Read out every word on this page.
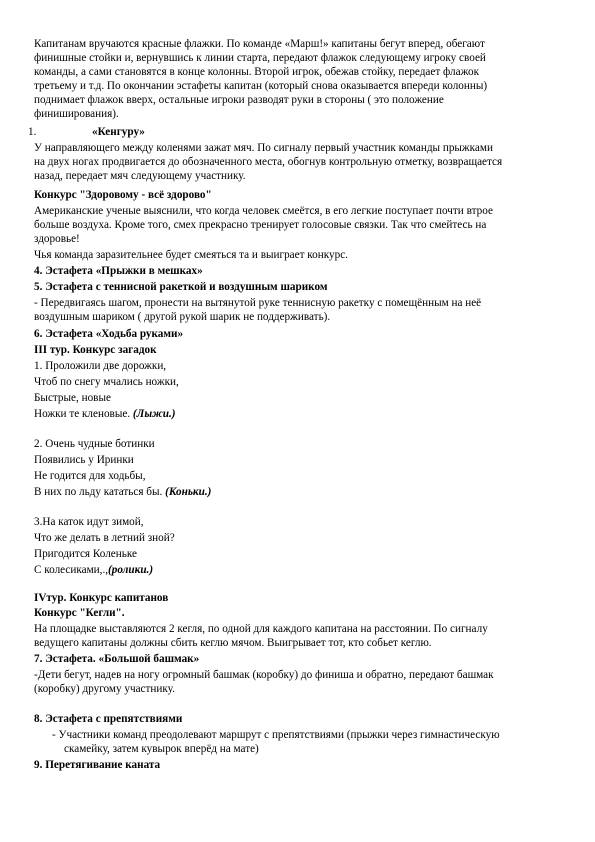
Капитанам вручаются красные флажки. По команде «Марш!» капитаны бегут вперед, обегают
финишные стойки и, вернувшись к линии старта, передают флажок следующему игроку своей
команды, а сами становятся в конце колонны. Второй игрок, обежав стойку, передает флажок
третьему и т.д. По окончании эстафеты капитан (который снова оказывается впереди колонны)
поднимает флажок вверх, остальные игроки разводят руки в стороны ( это положение
финиширования).
1.	«Кенгуру»
У направляющего между коленями зажат мяч. По сигналу первый участник команды прыжками
на двух ногах продвигается до обозначенного места, обогнув контрольную отметку, возвращается
назад, передает мяч следующему участнику.
Конкурс "Здоровому - всё здорово"
Американские ученые выяснили, что когда человек смеётся, в его легкие поступает почти втрое
больше воздуха. Кроме того, смех прекрасно тренирует голосовые связки. Так что смейтесь на
здоровье!
Чья команда заразительнее будет смеяться та и выиграет конкурс.
4. Эстафета «Прыжки в мешках»
5. Эстафета с теннисной ракеткой и воздушным шариком
- Передвигаясь шагом, пронести на вытянутой руке теннисную ракетку с помещённым на неё
воздушным шариком ( другой рукой шарик не поддерживать).
6. Эстафета «Ходьба руками»
III тур. Конкурс загадок
1. Проложили две дорожки,
Чтоб по снегу мчались ножки,
Быстрые, новые
Ножки те кленовые. (Лыжи.)
2. Очень чудные ботинки
Появились у Иринки
Не годится для ходьбы,
В них по льду кататься бы. (Коньки.)
3.На каток идут зимой,
Что же делать в летний зной?
Пригодится Коленьке
С колесиками,.,(ролики.)
IVтур. Конкурс капитанов
Конкурс "Кегли".
На площадке выставляются 2 кегля, по одной для каждого капитана на расстоянии. По сигналу
ведущего капитаны должны сбить кеглю мячом. Выигрывает тот, кто собьет кеглю.
7. Эстафета. «Большой башмак»
-Дети бегут, надев на ногу огромный башмак (коробку) до финиша и обратно, передают башмак
(коробку) другому участнику.
8. Эстафета с препятствиями
- Участники команд преодолевают маршрут с препятствиями (прыжки через гимнастическую
скамейку, затем кувырок вперёд на мате)
9. Перетягивание каната
